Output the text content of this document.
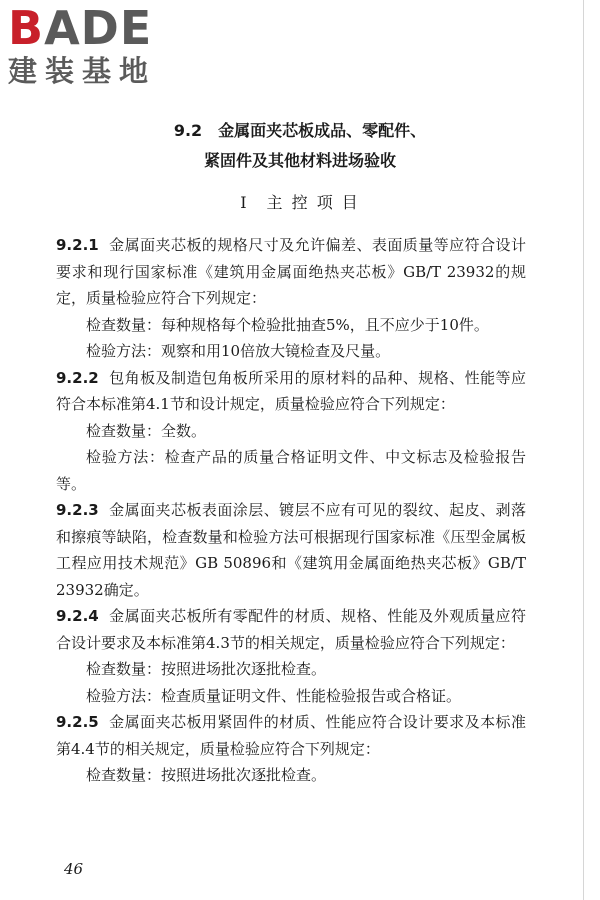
BADE
建装基地
9.2　金属面夹芯板成品、零配件、
紧固件及其他材料进场验收
Ⅰ　主 控 项 目

9.2.1 金属面夹芯板的规格尺寸及允许偏差、表面质量等应符合设计要求和现行国家标准《建筑用金属面绝热夹芯板》GB/T 23932的规定，质量检验应符合下列规定：

检查数量：每种规格每个检验批抽查5%，且不应少于10件。

检验方法：观察和用10倍放大镜检查及尺量。

9.2.2 包角板及制造包角板所采用的原材料的品种、规格、性能等应符合本标准第4.1节和设计规定，质量检验应符合下列规定：

检查数量：全数。

检验方法：检查产品的质量合格证明文件、中文标志及检验报告等。

9.2.3 金属面夹芯板表面涂层、镀层不应有可见的裂纹、起皮、剥落和擦痕等缺陷，检查数量和检验方法可根据现行国家标准《压型金属板工程应用技术规范》GB 50896和《建筑用金属面绝热夹芯板》GB/T 23932确定。

9.2.4 金属面夹芯板所有零配件的材质、规格、性能及外观质量应符合设计要求及本标准第4.3节的相关规定，质量检验应符合下列规定：

检查数量：按照进场批次逐批检查。

检验方法：检查质量证明文件、性能检验报告或合格证。

9.2.5 金属面夹芯板用紧固件的材质、性能应符合设计要求及本标准第4.4节的相关规定，质量检验应符合下列规定：

检查数量：按照进场批次逐批检查。

46
